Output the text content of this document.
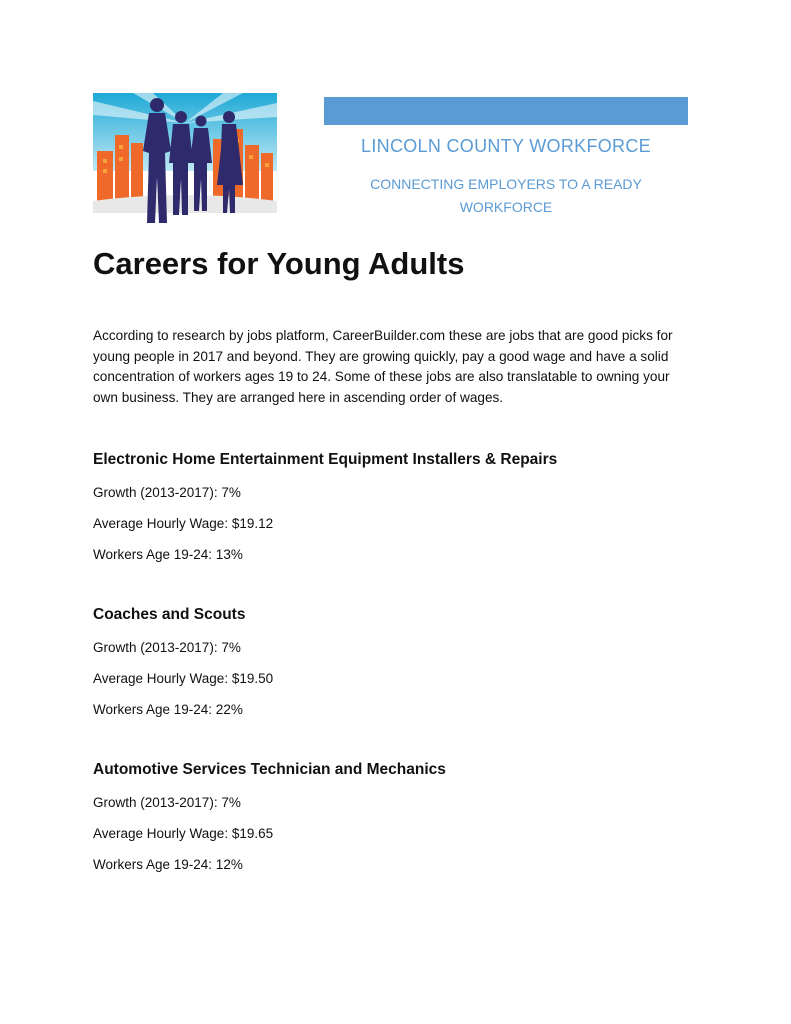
LINCOLN COUNTY WORKFORCE
CONNECTING EMPLOYERS TO A READY WORKFORCE
Careers for Young Adults

According to research by jobs platform, CareerBuilder.com these are jobs that are good picks for young people in 2017 and beyond. They are growing quickly, pay a good wage and have a solid concentration of workers ages 19 to 24. Some of these jobs are also translatable to owning your own business. They are arranged here in ascending order of wages.

Electronic Home Entertainment Equipment Installers & Repairs

Growth (2013-2017): 7%

Average Hourly Wage: $19.12

Workers Age 19-24: 13%

Coaches and Scouts

Growth (2013-2017): 7%

Average Hourly Wage: $19.50

Workers Age 19-24: 22%

Automotive Services Technician and Mechanics

Growth (2013-2017): 7%

Average Hourly Wage: $19.65

Workers Age 19-24: 12%
